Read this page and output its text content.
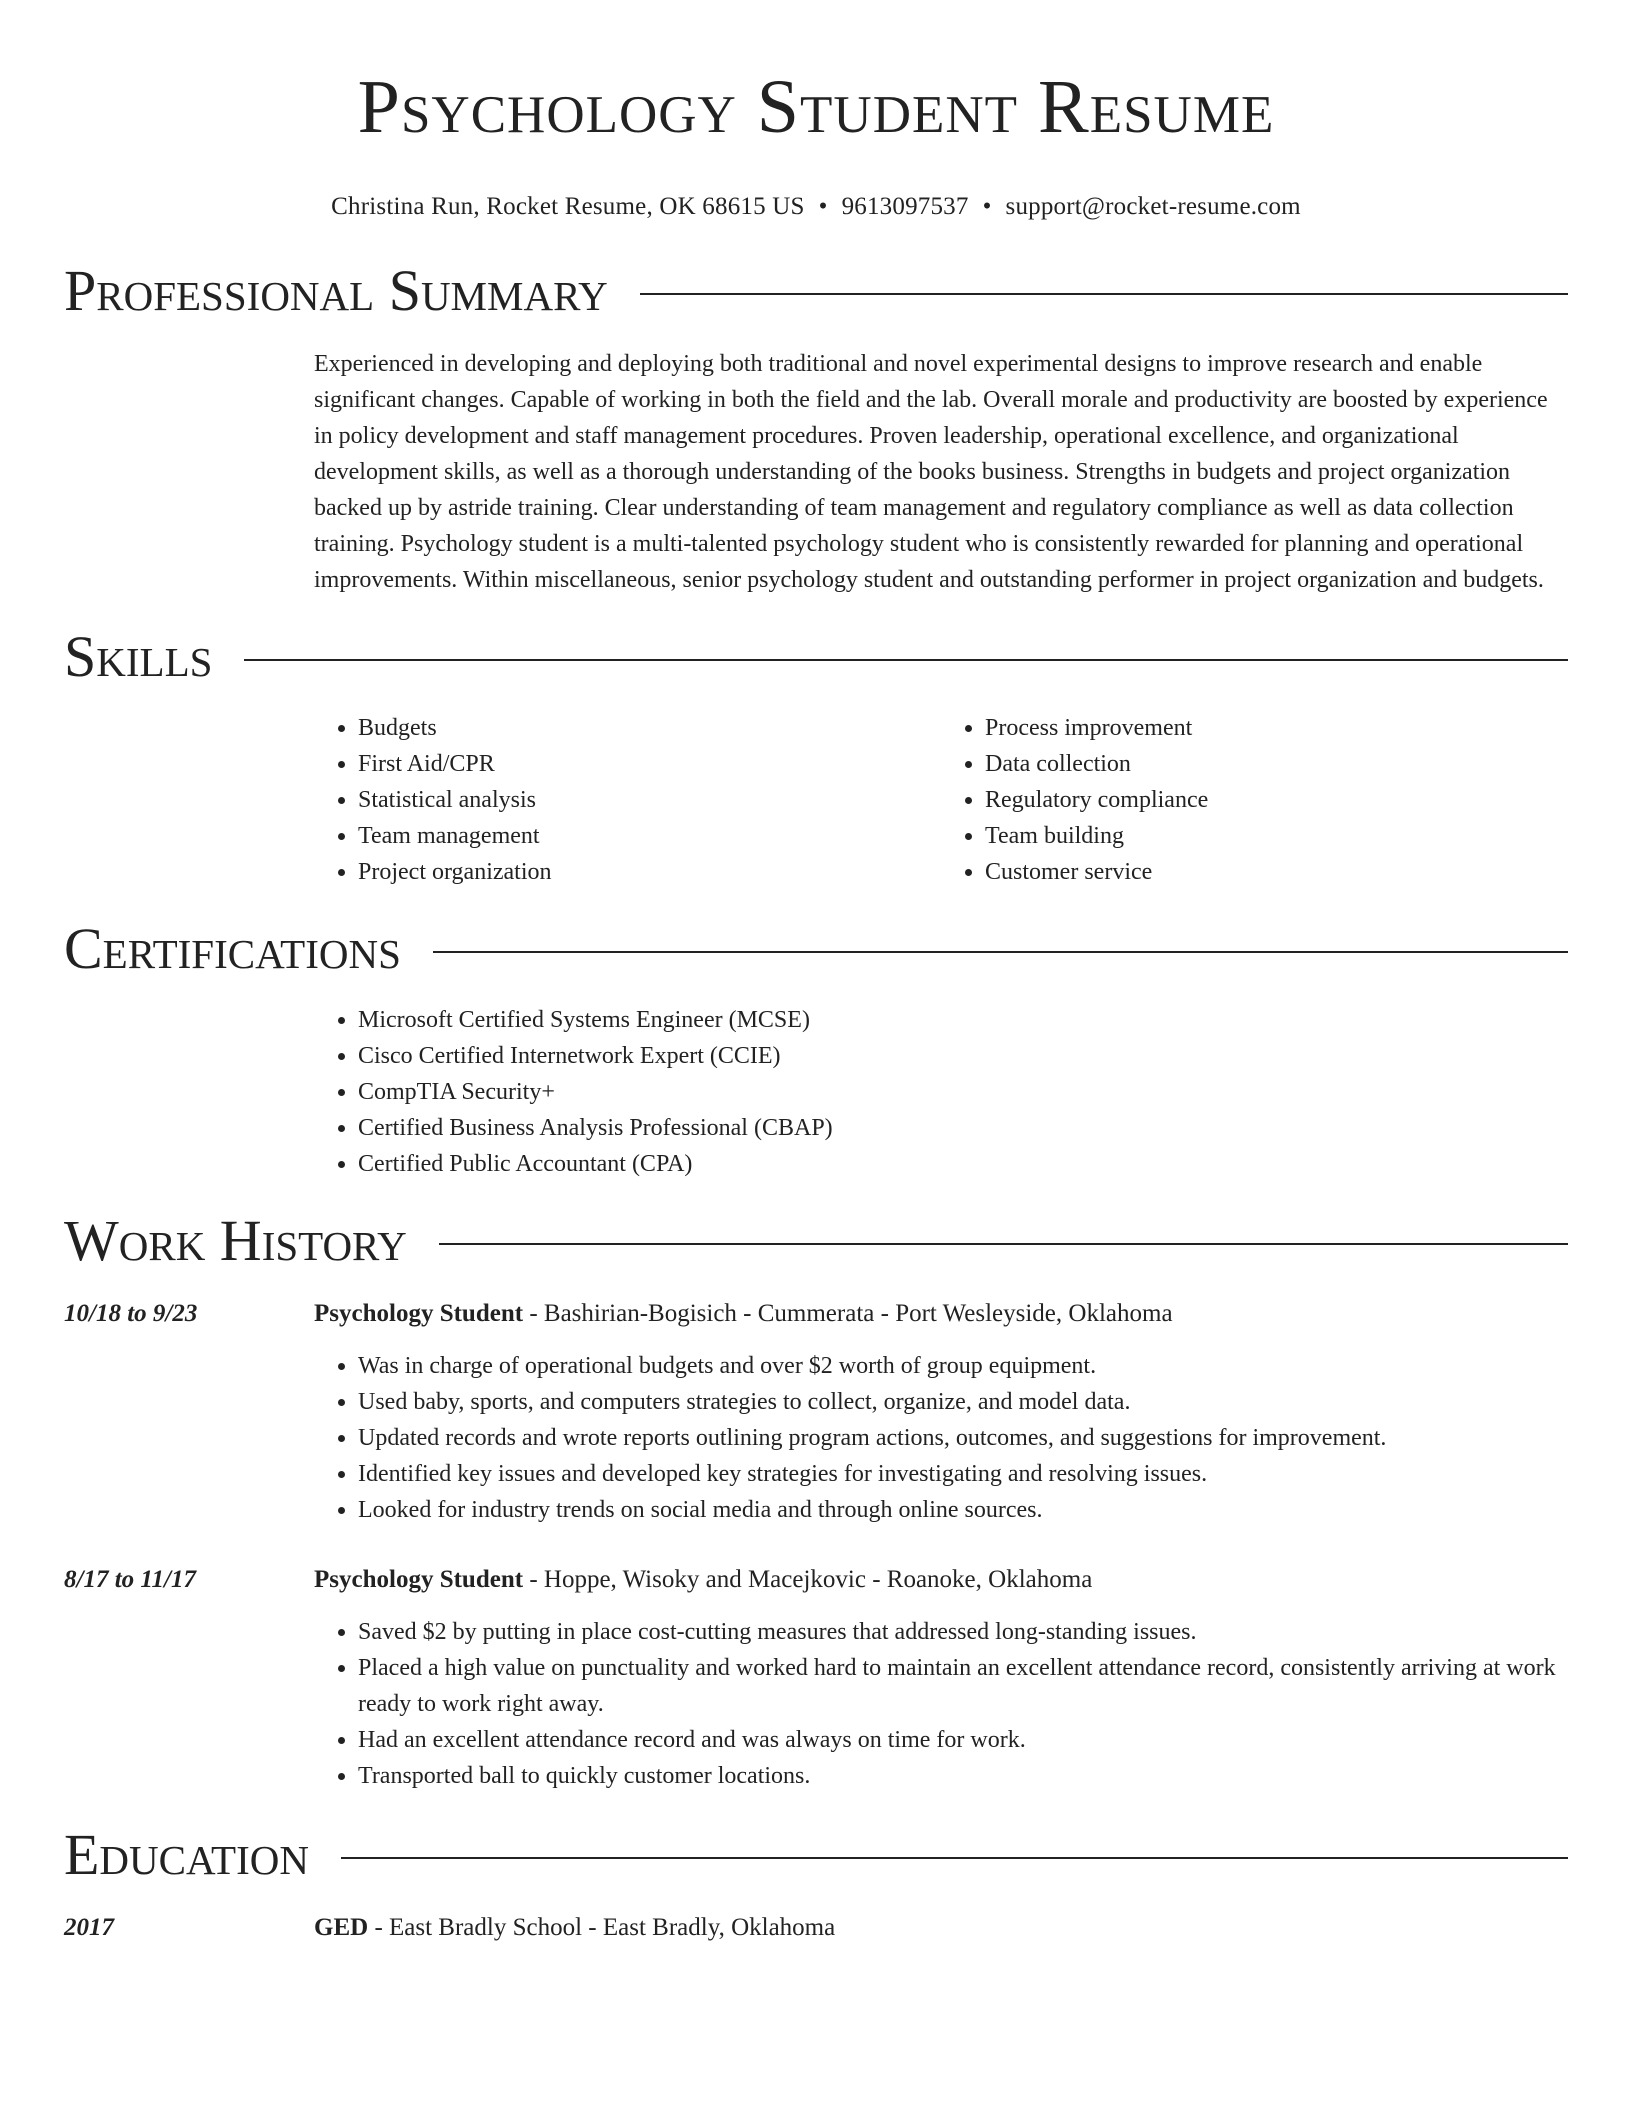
Psychology Student Resume
Christina Run, Rocket Resume, OK 68615 US • 9613097537 • support@rocket-resume.com
Professional Summary

Experienced in developing and deploying both traditional and novel experimental designs to improve research and enable significant changes. Capable of working in both the field and the lab. Overall morale and productivity are boosted by experience in policy development and staff management procedures. Proven leadership, operational excellence, and organizational development skills, as well as a thorough understanding of the books business. Strengths in budgets and project organization backed up by astride training. Clear understanding of team management and regulatory compliance as well as data collection training. Psychology student is a multi-talented psychology student who is consistently rewarded for planning and operational improvements. Within miscellaneous, senior psychology student and outstanding performer in project organization and budgets.

Skills
• Budgets
• First Aid/CPR
• Statistical analysis
• Team management
• Project organization
• Process improvement
• Data collection
• Regulatory compliance
• Team building
• Customer service
Certifications
• Microsoft Certified Systems Engineer (MCSE)
• Cisco Certified Internetwork Expert (CCIE)
• CompTIA Security+
• Certified Business Analysis Professional (CBAP)
• Certified Public Accountant (CPA)
Work History
10/18 to 9/23	Psychology Student - Bashirian-Bogisich - Cummerata - Port Wesleyside, Oklahoma
• Was in charge of operational budgets and over $2 worth of group equipment.
• Used baby, sports, and computers strategies to collect, organize, and model data.
• Updated records and wrote reports outlining program actions, outcomes, and suggestions for improvement.
• Identified key issues and developed key strategies for investigating and resolving issues.
• Looked for industry trends on social media and through online sources.
8/17 to 11/17	Psychology Student - Hoppe, Wisoky and Macejkovic - Roanoke, Oklahoma
• Saved $2 by putting in place cost-cutting measures that addressed long-standing issues.
• Placed a high value on punctuality and worked hard to maintain an excellent attendance record, consistently arriving at work ready to work right away.
• Had an excellent attendance record and was always on time for work.
• Transported ball to quickly customer locations.
Education
2017	GED - East Bradly School - East Bradly, Oklahoma
